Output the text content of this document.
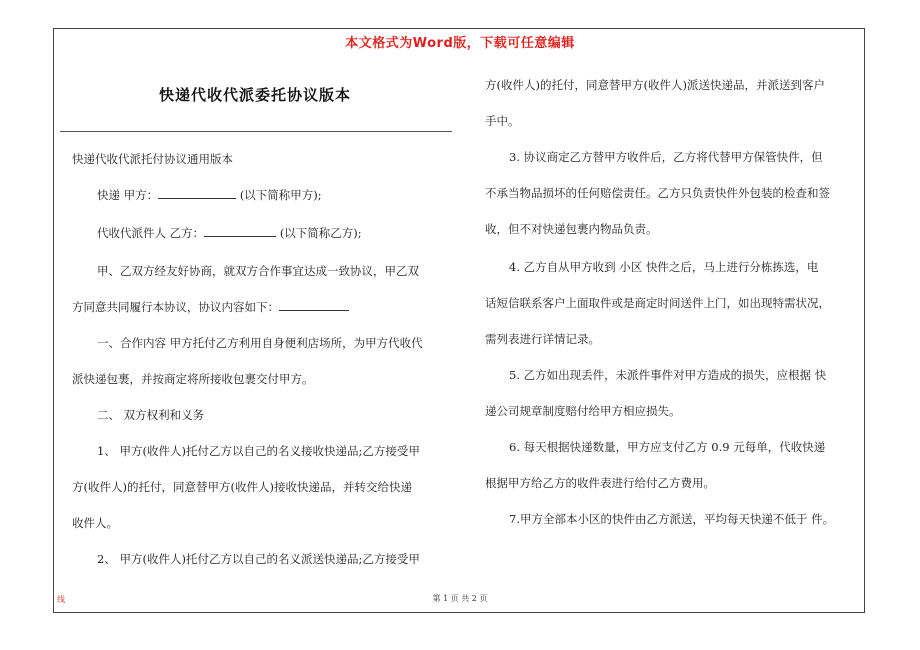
本文格式为Word版，下载可任意编辑
快递代收代派委托协议版本

快递代收代派托付协议通用版本

快递 甲方：	(以下简称甲方);

代收代派件人 乙方：	(以下简称乙方);

甲、乙双方经友好协商，就双方合作事宜达成一致协议，甲乙双

方同意共同履行本协议，协议内容如下：

一、合作内容 甲方托付乙方利用自身便利店场所，为甲方代收代

派快递包裹，并按商定将所接收包裹交付甲方。

二、 双方权利和义务

1、 甲方(收件人)托付乙方以自己的名义接收快递品;乙方接受甲

方(收件人)的托付，同意替甲方(收件人)接收快递品，并转交给快递

收件人。

2、 甲方(收件人)托付乙方以自己的名义派送快递品;乙方接受甲

方(收件人)的托付，同意替甲方(收件人)派送快递品，并派送到客户

手中。

3. 协议商定乙方替甲方收件后，乙方将代替甲方保管快件，但

不承当物品损坏的任何赔偿责任。乙方只负责快件外包装的检查和签

收，但不对快递包裹内物品负责。

4. 乙方自从甲方收到 小区 快件之后，马上进行分栋拣选，电

话短信联系客户上面取件或是商定时间送件上门，如出现特需状况，

需列表进行详情记录。

5. 乙方如出现丢件，未派件事件对甲方造成的损失，应根据 快

递公司规章制度赔付给甲方相应损失。

6. 每天根据快递数量，甲方应支付乙方 0.9 元每单，代收快递

根据甲方给乙方的收件表进行给付乙方费用。

7.甲方全部本小区的快件由乙方派送，平均每天快递不低于 件。

线	第 1 页 共 2 页
